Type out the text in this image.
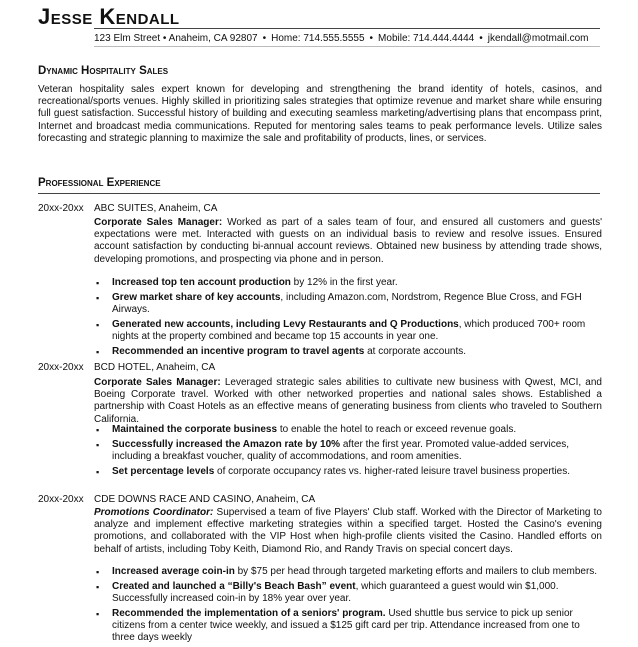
Jesse Kendall
123 Elm Street • Anaheim, CA 92807 • Home: 714.555.5555 • Mobile: 714.444.4444 • jkendall@motmail.com
Dynamic Hospitality Sales
Veteran hospitality sales expert known for developing and strengthening the brand identity of hotels, casinos, and recreational/sports venues. Highly skilled in prioritizing sales strategies that optimize revenue and market share while ensuring full guest satisfaction. Successful history of building and executing seamless marketing/advertising plans that encompass print, Internet and broadcast media communications. Reputed for mentoring sales teams to peak performance levels. Utilize sales forecasting and strategic planning to maximize the sale and profitability of products, lines, or services.
Professional Experience
20xx-20xx ABC SUITES, Anaheim, CA
Corporate Sales Manager: Worked as part of a sales team of four, and ensured all customers and guests' expectations were met. Interacted with guests on an individual basis to review and resolve issues. Ensured account satisfaction by conducting bi-annual account reviews. Obtained new business by attending trade shows, developing promotions, and prospecting via phone and in person.
▪ Increased top ten account production by 12% in the first year.
▪ Grew market share of key accounts, including Amazon.com, Nordstrom, Regence Blue Cross, and FGH Airways.
▪ Generated new accounts, including Levy Restaurants and Q Productions, which produced 700+ room nights at the property combined and became top 15 accounts in year one.
▪ Recommended an incentive program to travel agents at corporate accounts.
20xx-20xx BCD HOTEL, Anaheim, CA
Corporate Sales Manager: Leveraged strategic sales abilities to cultivate new business with Qwest, MCI, and Boeing Corporate travel. Worked with other networked properties and national sales shows. Established a partnership with Coast Hotels as an effective means of generating business from clients who traveled to Southern California.
▪ Maintained the corporate business to enable the hotel to reach or exceed revenue goals.
▪ Successfully increased the Amazon rate by 10% after the first year. Promoted value-added services, including a breakfast voucher, quality of accommodations, and room amenities.
▪ Set percentage levels of corporate occupancy rates vs. higher-rated leisure travel business properties.
20xx-20xx CDE DOWNS RACE AND CASINO, Anaheim, CA
Promotions Coordinator: Supervised a team of five Players' Club staff. Worked with the Director of Marketing to analyze and implement effective marketing strategies within a specified target. Hosted the Casino's evening promotions, and collaborated with the VIP Host when high-profile clients visited the Casino. Handled efforts on behalf of artists, including Toby Keith, Diamond Rio, and Randy Travis on special concert days.
▪ Increased average coin-in by $75 per head through targeted marketing efforts and mailers to club members.
▪ Created and launched a “Billy's Beach Bash” event, which guaranteed a guest would win $1,000. Successfully increased coin-in by 18% year over year.
▪ Recommended the implementation of a seniors' program. Used shuttle bus service to pick up senior citizens from a center twice weekly, and issued a $125 gift card per trip. Attendance increased from one to three days weekly
